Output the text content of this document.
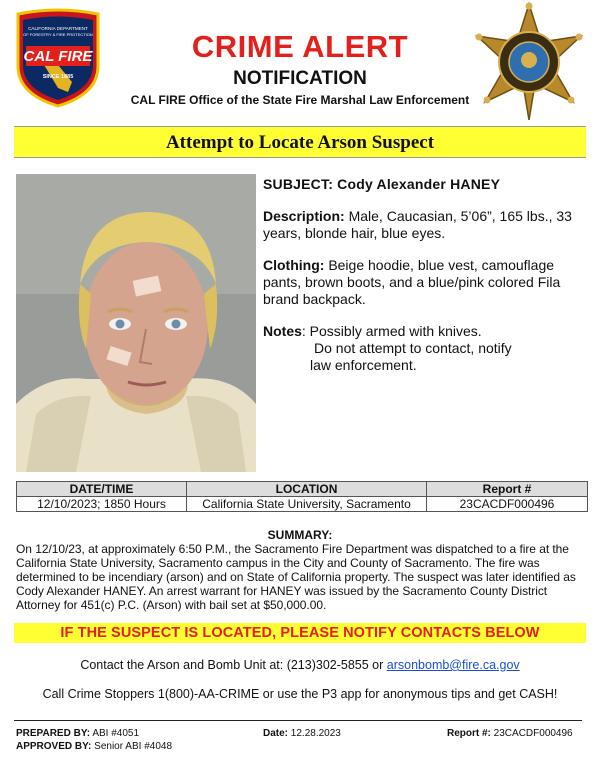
CAL FIRE
CALIFORNIA DEPARTMENT
OF FORESTRY & FIRE PROTECTION
SINCE 1885
CRIME ALERT
NOTIFICATION
CAL FIRE Office of the State Fire Marshal Law Enforcement
Attempt to Locate Arson Suspect
SUBJECT: Cody Alexander HANEY
Description: Male, Caucasian, 5’06”, 165 lbs., 33 years, blonde hair, blue eyes.
Clothing: Beige hoodie, blue vest, camouflage pants, brown boots, and a blue/pink colored Fila brand backpack.
Notes: Possibly armed with knives.
Do not attempt to contact, notify
law enforcement.
DATE/TIME	LOCATION	Report #
12/10/2023; 1850 Hours	California State University, Sacramento	23CACDF000496
SUMMARY:
On 12/10/23, at approximately 6:50 P.M., the Sacramento Fire Department was dispatched to a fire at the California State University, Sacramento campus in the City and County of Sacramento. The fire was determined to be incendiary (arson) and on State of California property. The suspect was later identified as Cody Alexander HANEY. An arrest warrant for HANEY was issued by the Sacramento County District Attorney for 451(c) P.C. (Arson) with bail set at $50,000.00.
IF THE SUSPECT IS LOCATED, PLEASE NOTIFY CONTACTS BELOW
Contact the Arson and Bomb Unit at: (213)302-5855 or arsonbomb@fire.ca.gov
Call Crime Stoppers 1(800)-AA-CRIME or use the P3 app for anonymous tips and get CASH!
PREPARED BY: ABI #4051
APPROVED BY: Senior ABI #4048
Date: 12.28.2023	Report #: 23CACDF000496
